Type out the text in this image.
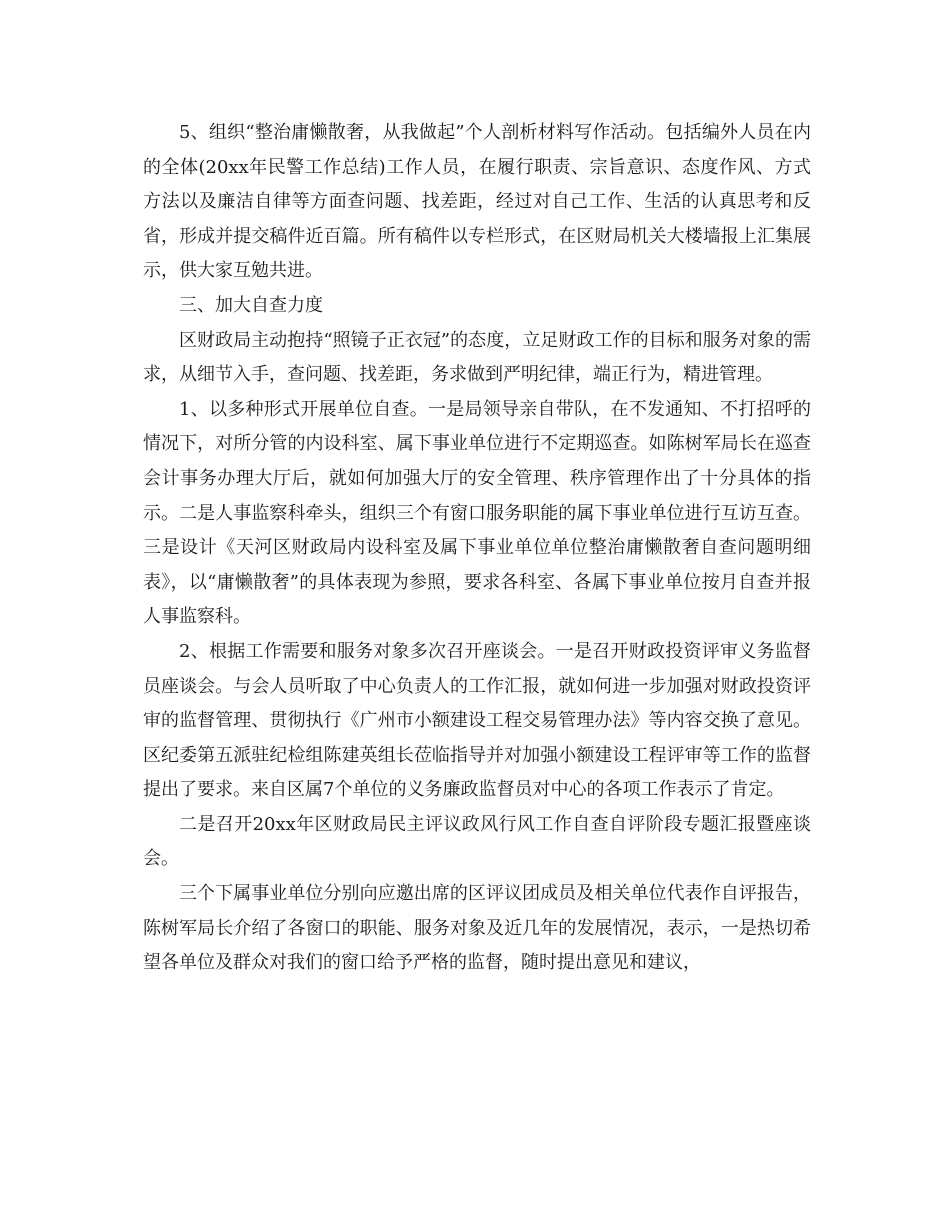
5、组织“整治庸懒散奢，从我做起”个人剖析材料写作活动。包括编外人员在内的全体(20xx年民警工作总结)工作人员，在履行职责、宗旨意识、态度作风、方式方法以及廉洁自律等方面查问题、找差距，经过对自己工作、生活的认真思考和反省，形成并提交稿件近百篇。所有稿件以专栏形式，在区财局机关大楼墙报上汇集展示，供大家互勉共进。

三、加大自查力度

区财政局主动抱持“照镜子正衣冠”的态度，立足财政工作的目标和服务对象的需求，从细节入手，查问题、找差距，务求做到严明纪律，端正行为，精进管理。

1、以多种形式开展单位自查。一是局领导亲自带队，在不发通知、不打招呼的情况下，对所分管的内设科室、属下事业单位进行不定期巡查。如陈树军局长在巡查会计事务办理大厅后，就如何加强大厅的安全管理、秩序管理作出了十分具体的指示。二是人事监察科牵头，组织三个有窗口服务职能的属下事业单位进行互访互查。三是设计《天河区财政局内设科室及属下事业单位单位整治庸懒散奢自查问题明细表》，以“庸懒散奢”的具体表现为参照，要求各科室、各属下事业单位按月自查并报人事监察科。

2、根据工作需要和服务对象多次召开座谈会。一是召开财政投资评审义务监督员座谈会。与会人员听取了中心负责人的工作汇报，就如何进一步加强对财政投资评审的监督管理、贯彻执行《广州市小额建设工程交易管理办法》等内容交换了意见。区纪委第五派驻纪检组陈建英组长莅临指导并对加强小额建设工程评审等工作的监督提出了要求。来自区属7个单位的义务廉政监督员对中心的各项工作表示了肯定。

二是召开20xx年区财政局民主评议政风行风工作自查自评阶段专题汇报暨座谈会。

三个下属事业单位分别向应邀出席的区评议团成员及相关单位代表作自评报告，陈树军局长介绍了各窗口的职能、服务对象及近几年的发展情况，表示，一是热切希望各单位及群众对我们的窗口给予严格的监督，随时提出意见和建议，
